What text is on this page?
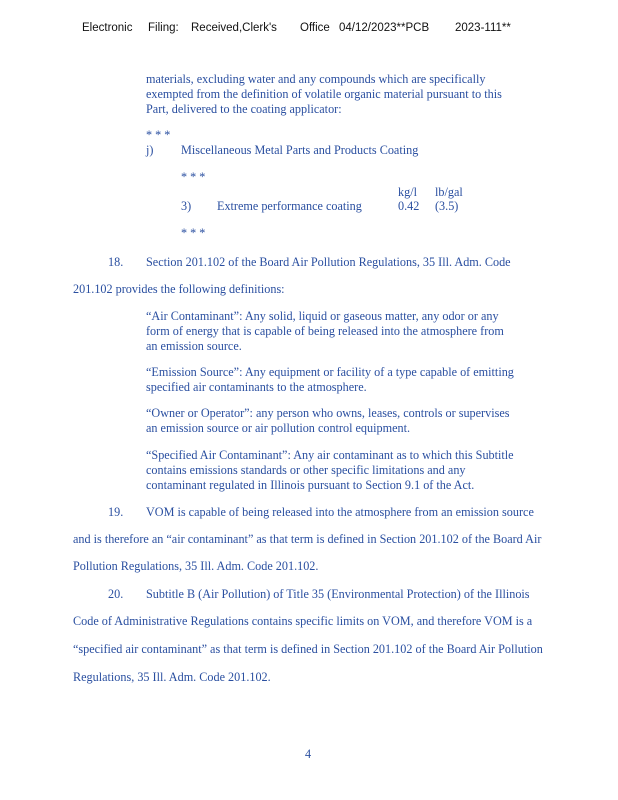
Electronic Filing: Received,Clerk's Office 04/12/2023**PCB 2023-111**
materials, excluding water and any compounds which are specifically
exempted from the definition of volatile organic material pursuant to this
Part, delivered to the coating applicator:
* * *
j) Miscellaneous Metal Parts and Products Coating
* * *
kg/l lb/gal
3) Extreme performance coating	0.42 (3.5)
* * *
18. Section 201.102 of the Board Air Pollution Regulations, 35 Ill. Adm. Code
201.102 provides the following definitions:
“Air Contaminant”: Any solid, liquid or gaseous matter, any odor or any
form of energy that is capable of being released into the atmosphere from
an emission source.
“Emission Source”: Any equipment or facility of a type capable of emitting
specified air contaminants to the atmosphere.
“Owner or Operator”: any person who owns, leases, controls or supervises
an emission source or air pollution control equipment.
“Specified Air Contaminant”: Any air contaminant as to which this Subtitle
contains emissions standards or other specific limitations and any
contaminant regulated in Illinois pursuant to Section 9.1 of the Act.
19. VOM is capable of being released into the atmosphere from an emission source
and is therefore an “air contaminant” as that term is defined in Section 201.102 of the Board Air
Pollution Regulations, 35 Ill. Adm. Code 201.102.
20. Subtitle B (Air Pollution) of Title 35 (Environmental Protection) of the Illinois
Code of Administrative Regulations contains specific limits on VOM, and therefore VOM is a
“specified air contaminant” as that term is defined in Section 201.102 of the Board Air Pollution
Regulations, 35 Ill. Adm. Code 201.102.
4
